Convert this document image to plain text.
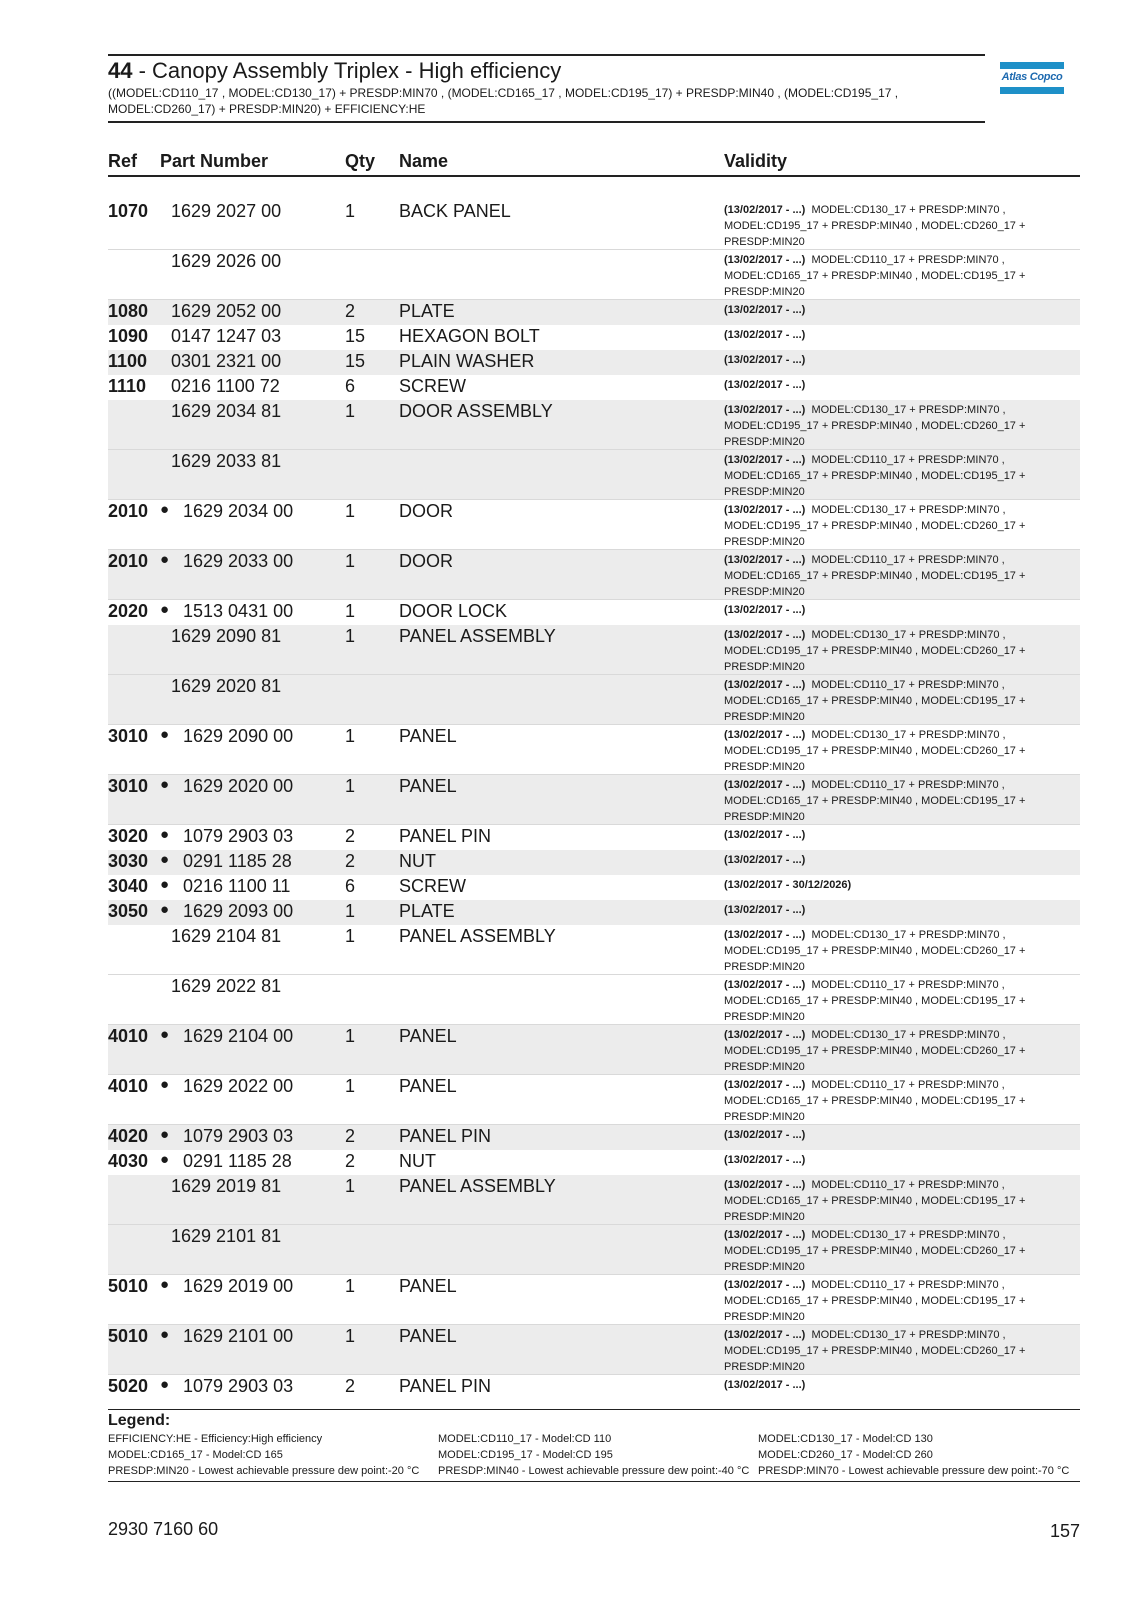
44 - Canopy Assembly Triplex - High efficiency
((MODEL:CD110_17 , MODEL:CD130_17) + PRESDP:MIN70 , (MODEL:CD165_17 , MODEL:CD195_17) + PRESDP:MIN40 , (MODEL:CD195_17 , MODEL:CD260_17) + PRESDP:MIN20) + EFFICIENCY:HE
Atlas Copco
Ref Part Number	Qty Name	Validity
1070 1629 2027 00	1 BACK PANEL	(13/02/2017 - ...) MODEL:CD130_17 + PRESDP:MIN70 ,
MODEL:CD195_17 + PRESDP:MIN40 , MODEL:CD260_17 +
PRESDP:MIN20
1629 2026 00	(13/02/2017 - ...) MODEL:CD110_17 + PRESDP:MIN70 ,
MODEL:CD165_17 + PRESDP:MIN40 , MODEL:CD195_17 +
PRESDP:MIN20
1080 1629 2052 00	2 PLATE	(13/02/2017 - ...)
1090 0147 1247 03	15 HEXAGON BOLT	(13/02/2017 - ...)
1100 0301 2321 00	15 PLAIN WASHER	(13/02/2017 - ...)
1110 0216 1100 72	6 SCREW	(13/02/2017 - ...)
1629 2034 81	1 DOOR ASSEMBLY	(13/02/2017 - ...) MODEL:CD130_17 + PRESDP:MIN70 ,
MODEL:CD195_17 + PRESDP:MIN40 , MODEL:CD260_17 +
PRESDP:MIN20
1629 2033 81	(13/02/2017 - ...) MODEL:CD110_17 + PRESDP:MIN70 ,
MODEL:CD165_17 + PRESDP:MIN40 , MODEL:CD195_17 +
PRESDP:MIN20
2010 ● 1629 2034 00	1 DOOR	(13/02/2017 - ...) MODEL:CD130_17 + PRESDP:MIN70 ,
MODEL:CD195_17 + PRESDP:MIN40 , MODEL:CD260_17 +
PRESDP:MIN20
2010 ● 1629 2033 00	1 DOOR	(13/02/2017 - ...) MODEL:CD110_17 + PRESDP:MIN70 ,
MODEL:CD165_17 + PRESDP:MIN40 , MODEL:CD195_17 +
PRESDP:MIN20
2020 ● 1513 0431 00	1 DOOR LOCK	(13/02/2017 - ...)
1629 2090 81	1 PANEL ASSEMBLY	(13/02/2017 - ...) MODEL:CD130_17 + PRESDP:MIN70 ,
MODEL:CD195_17 + PRESDP:MIN40 , MODEL:CD260_17 +
PRESDP:MIN20
1629 2020 81	(13/02/2017 - ...) MODEL:CD110_17 + PRESDP:MIN70 ,
MODEL:CD165_17 + PRESDP:MIN40 , MODEL:CD195_17 +
PRESDP:MIN20
3010 ● 1629 2090 00	1 PANEL	(13/02/2017 - ...) MODEL:CD130_17 + PRESDP:MIN70 ,
MODEL:CD195_17 + PRESDP:MIN40 , MODEL:CD260_17 +
PRESDP:MIN20
3010 ● 1629 2020 00	1 PANEL	(13/02/2017 - ...) MODEL:CD110_17 + PRESDP:MIN70 ,
MODEL:CD165_17 + PRESDP:MIN40 , MODEL:CD195_17 +
PRESDP:MIN20
3020 ● 1079 2903 03	2 PANEL PIN	(13/02/2017 - ...)
3030 ● 0291 1185 28	2 NUT	(13/02/2017 - ...)
3040 ● 0216 1100 11	6 SCREW	(13/02/2017 - 30/12/2026)
3050 ● 1629 2093 00	1 PLATE	(13/02/2017 - ...)
1629 2104 81	1 PANEL ASSEMBLY	(13/02/2017 - ...) MODEL:CD130_17 + PRESDP:MIN70 ,
MODEL:CD195_17 + PRESDP:MIN40 , MODEL:CD260_17 +
PRESDP:MIN20
1629 2022 81	(13/02/2017 - ...) MODEL:CD110_17 + PRESDP:MIN70 ,
MODEL:CD165_17 + PRESDP:MIN40 , MODEL:CD195_17 +
PRESDP:MIN20
4010 ● 1629 2104 00	1 PANEL	(13/02/2017 - ...) MODEL:CD130_17 + PRESDP:MIN70 ,
MODEL:CD195_17 + PRESDP:MIN40 , MODEL:CD260_17 +
PRESDP:MIN20
4010 ● 1629 2022 00	1 PANEL	(13/02/2017 - ...) MODEL:CD110_17 + PRESDP:MIN70 ,
MODEL:CD165_17 + PRESDP:MIN40 , MODEL:CD195_17 +
PRESDP:MIN20
4020 ● 1079 2903 03	2 PANEL PIN	(13/02/2017 - ...)
4030 ● 0291 1185 28	2 NUT	(13/02/2017 - ...)
1629 2019 81	1 PANEL ASSEMBLY	(13/02/2017 - ...) MODEL:CD110_17 + PRESDP:MIN70 ,
MODEL:CD165_17 + PRESDP:MIN40 , MODEL:CD195_17 +
PRESDP:MIN20
1629 2101 81	(13/02/2017 - ...) MODEL:CD130_17 + PRESDP:MIN70 ,
MODEL:CD195_17 + PRESDP:MIN40 , MODEL:CD260_17 +
PRESDP:MIN20
5010 ● 1629 2019 00	1 PANEL	(13/02/2017 - ...) MODEL:CD110_17 + PRESDP:MIN70 ,
MODEL:CD165_17 + PRESDP:MIN40 , MODEL:CD195_17 +
PRESDP:MIN20
5010 ● 1629 2101 00	1 PANEL	(13/02/2017 - ...) MODEL:CD130_17 + PRESDP:MIN70 ,
MODEL:CD195_17 + PRESDP:MIN40 , MODEL:CD260_17 +
PRESDP:MIN20
5020 ● 1079 2903 03	2 PANEL PIN	(13/02/2017 - ...)
Legend:
EFFICIENCY:HE - Efficiency:High efficiency	MODEL:CD110_17 - Model:CD 110	MODEL:CD130_17 - Model:CD 130
MODEL:CD165_17 - Model:CD 165	MODEL:CD195_17 - Model:CD 195	MODEL:CD260_17 - Model:CD 260
PRESDP:MIN20 - Lowest achievable pressure dew point:-20 °C PRESDP:MIN40 - Lowest achievable pressure dew point:-40 °C PRESDP:MIN70 - Lowest achievable pressure dew point:-70 °C
2930 7160 60	157
